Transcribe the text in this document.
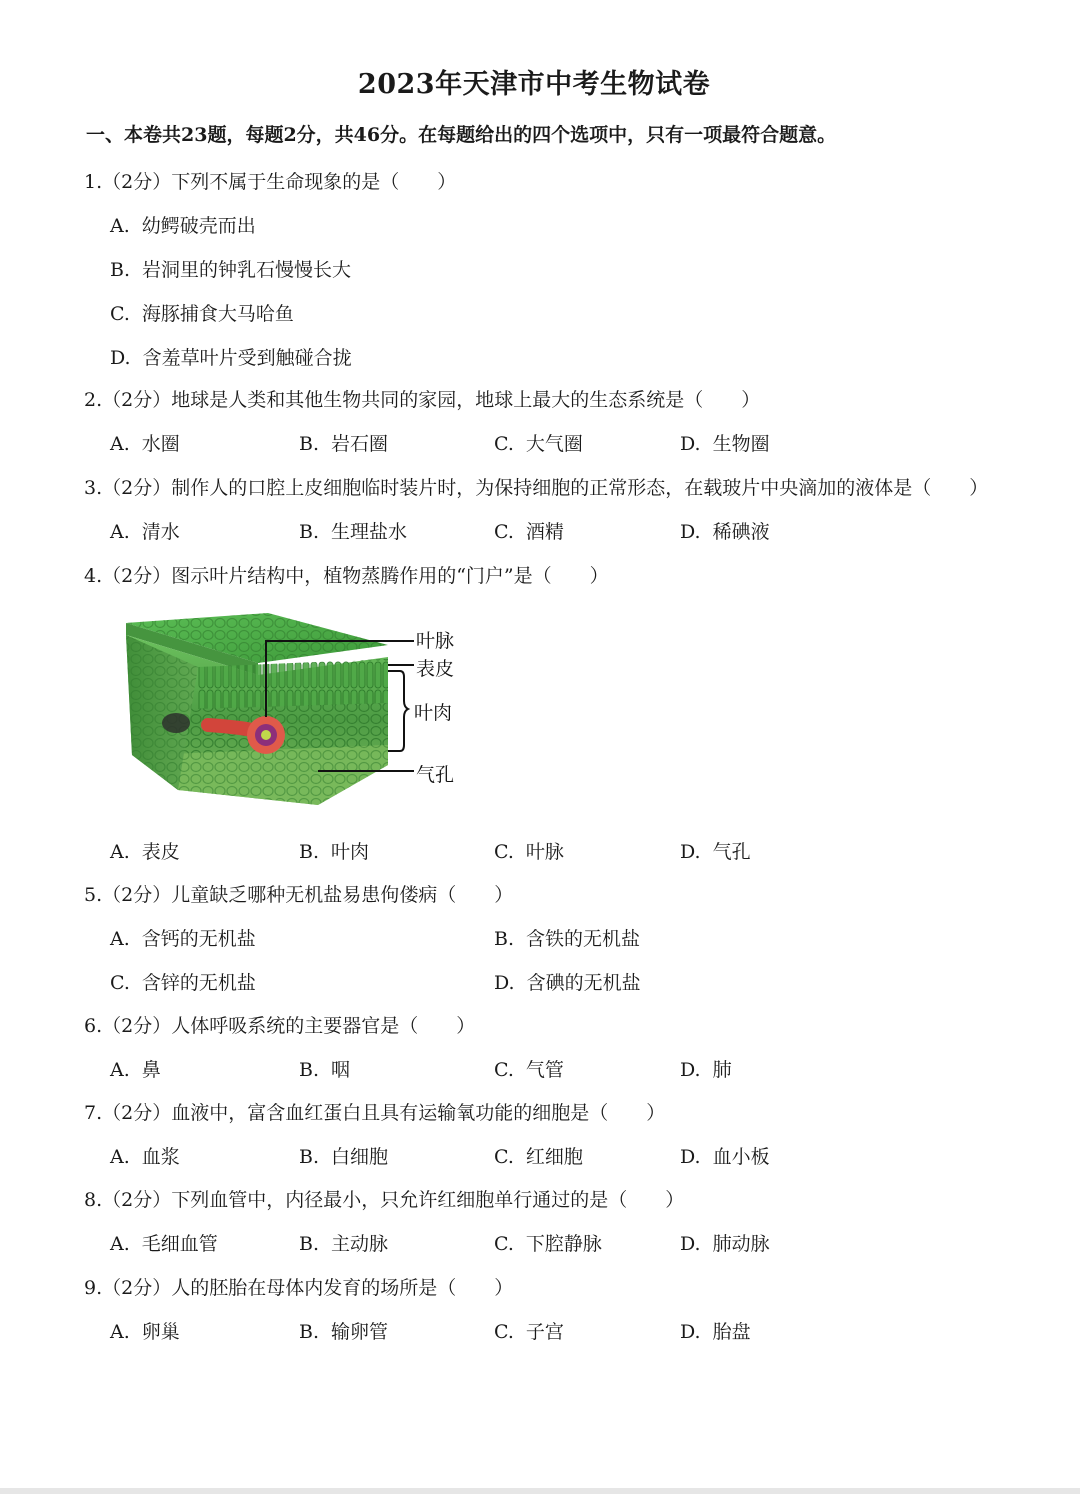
2023年天津市中考生物试卷
一、本卷共23题，每题2分，共46分。在每题给出的四个选项中，只有一项最符合题意。
1.（2分）下列不属于生命现象的是（　　）
A. 幼鳄破壳而出
B. 岩洞里的钟乳石慢慢长大
C. 海豚捕食大马哈鱼
D. 含羞草叶片受到触碰合拢
2.（2分）地球是人类和其他生物共同的家园，地球上最大的生态系统是（　　）
A. 水圈	B. 岩石圈	C. 大气圈	D. 生物圈
3.（2分）制作人的口腔上皮细胞临时装片时，为保持细胞的正常形态，在载玻片中央滴加的液体是（　　）
A. 清水	B. 生理盐水	C. 酒精	D. 稀碘液
4.（2分）图示叶片结构中，植物蒸腾作用的“门户”是（　　）
叶脉
表皮
叶肉
气孔
A. 表皮	B. 叶肉	C. 叶脉	D. 气孔
5.（2分）儿童缺乏哪种无机盐易患佝偻病（　　）
A. 含钙的无机盐	B. 含铁的无机盐
C. 含锌的无机盐	D. 含碘的无机盐
6.（2分）人体呼吸系统的主要器官是（　　）
A. 鼻	B. 咽	C. 气管	D. 肺
7.（2分）血液中，富含血红蛋白且具有运输氧功能的细胞是（　　）
A. 血浆	B. 白细胞	C. 红细胞	D. 血小板
8.（2分）下列血管中，内径最小，只允许红细胞单行通过的是（　　）
A. 毛细血管	B. 主动脉	C. 下腔静脉	D. 肺动脉
9.（2分）人的胚胎在母体内发育的场所是（　　）
A. 卵巢	B. 输卵管	C. 子宫	D. 胎盘
